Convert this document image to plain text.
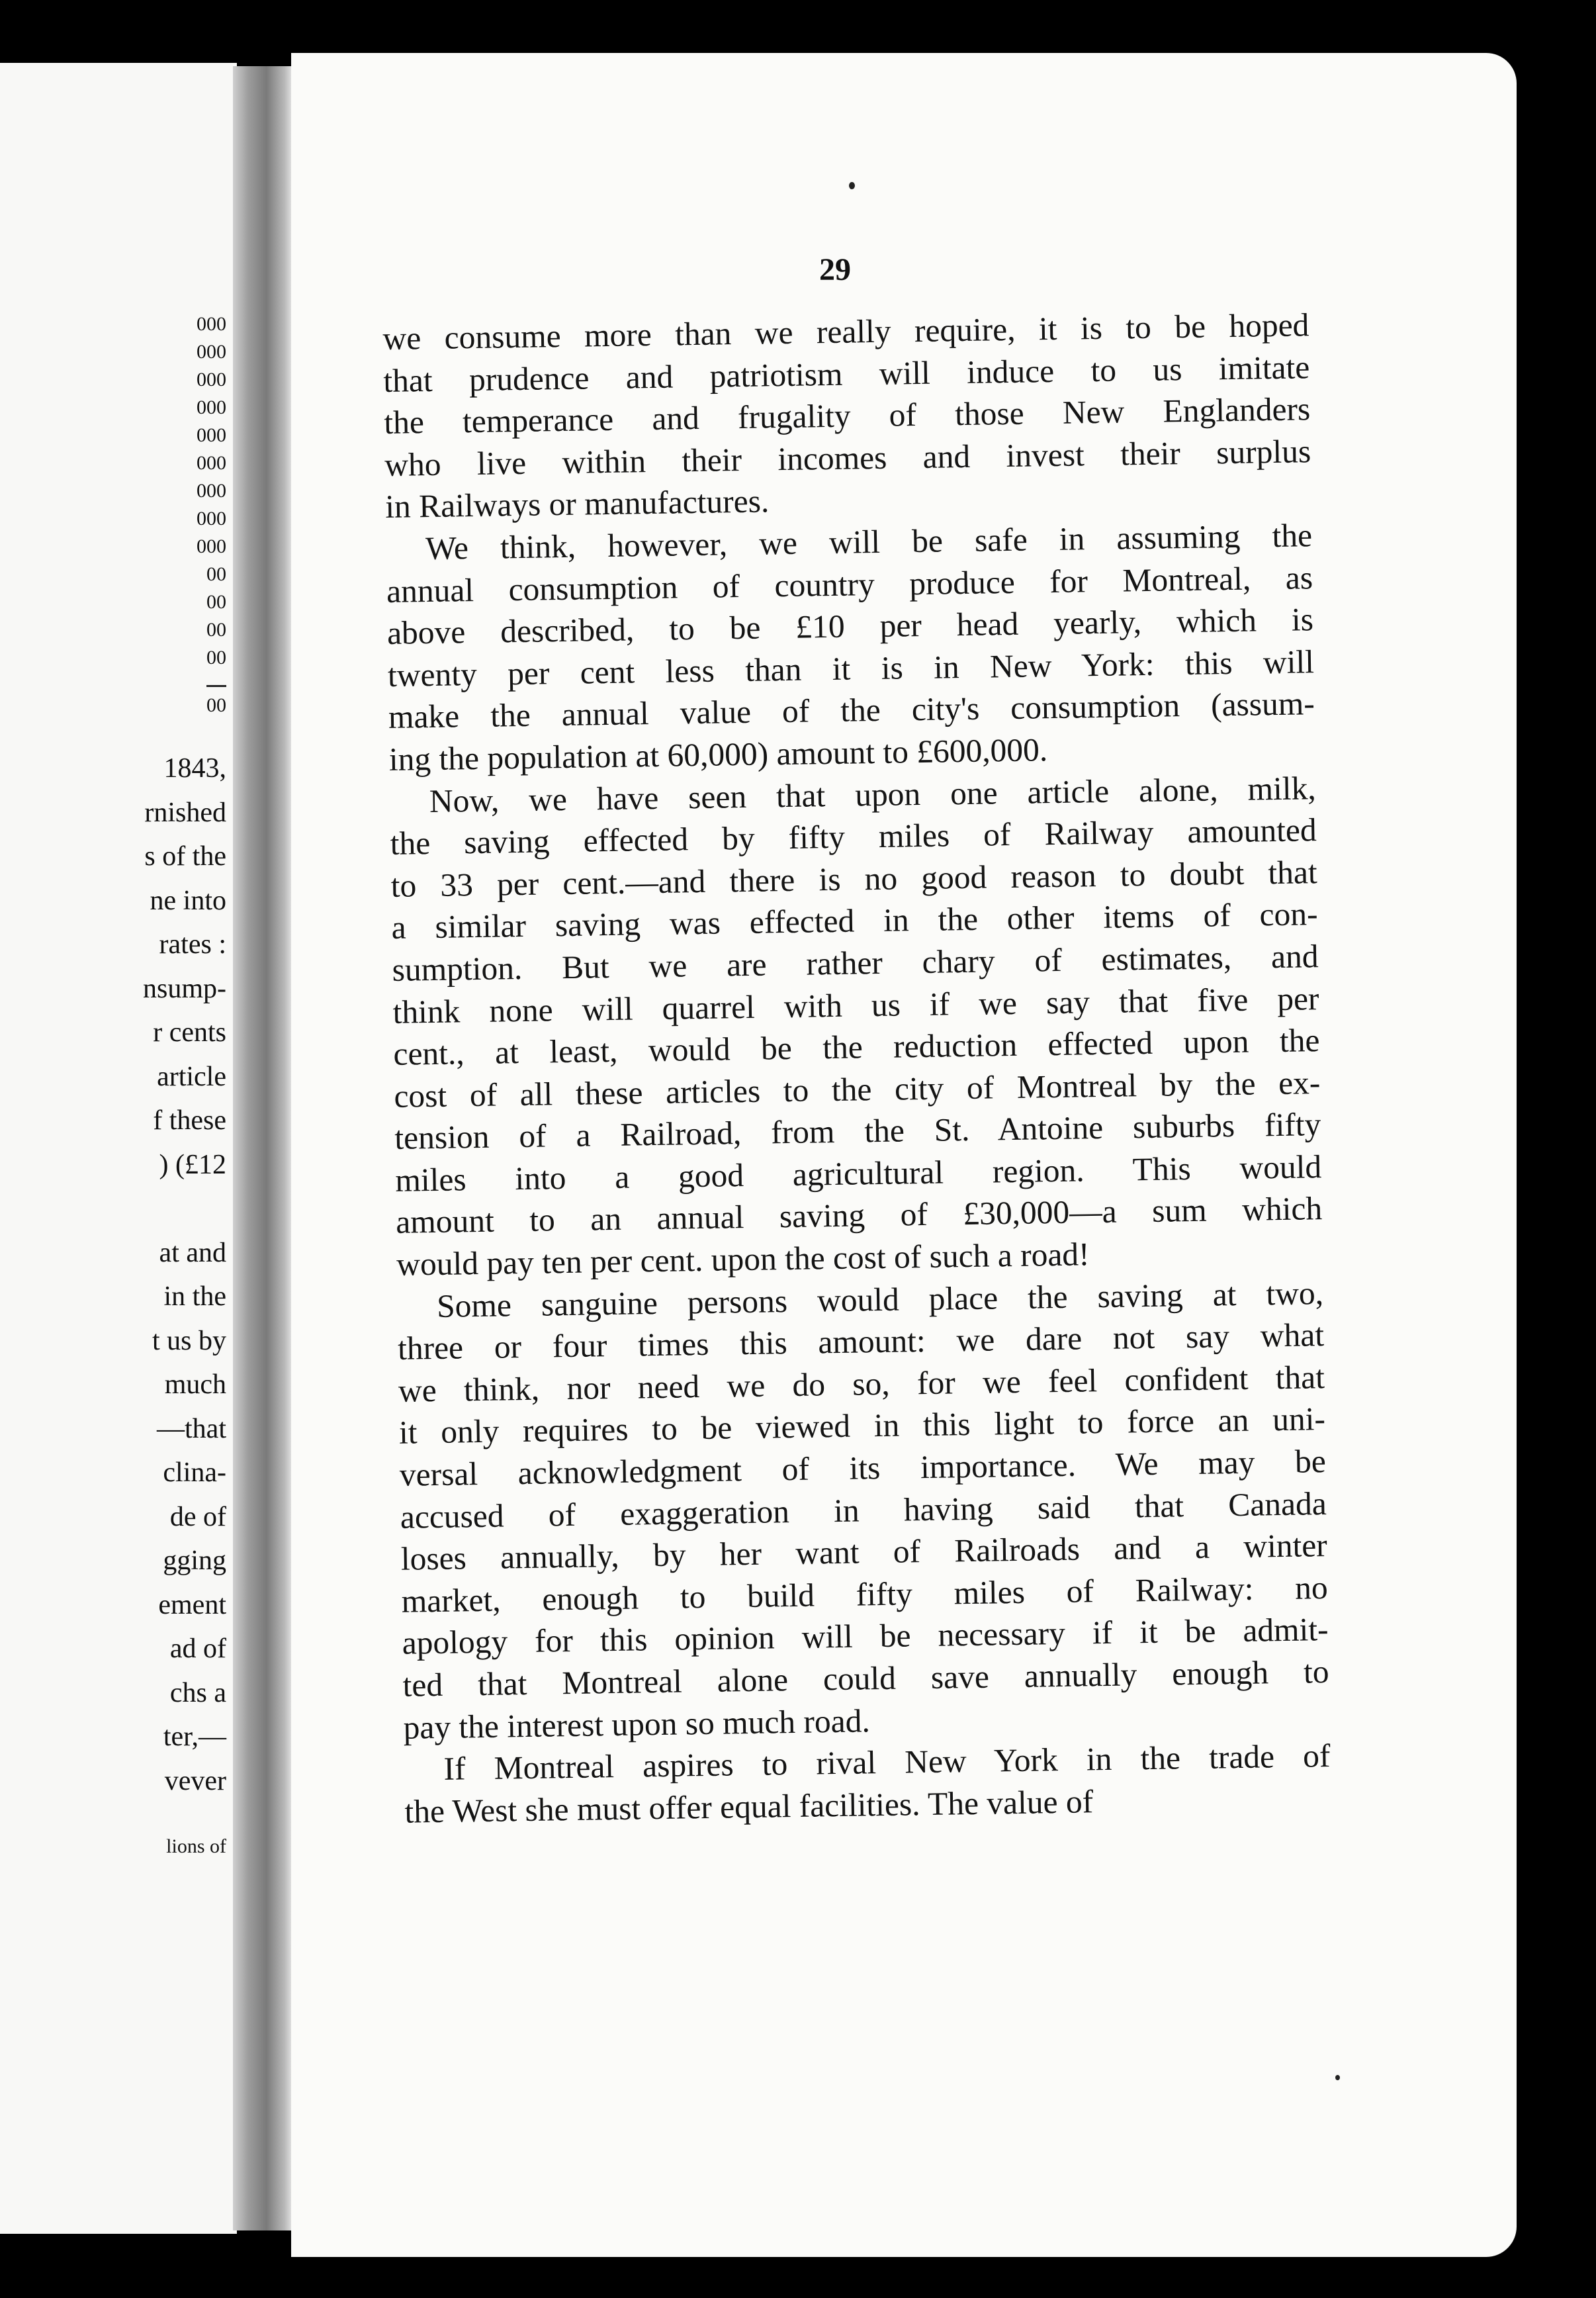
000
000
000
000
000
000
000
000
000
00
00
00
00
00
1843,
rnished
s of the
ne into
rates :
nsump-
r cents
article
f these
) (£12
at and
in the
t us by
much
—that
clina-
de of
gging
ement
ad of
chs a
ter,—
vever
lions of
29
we consume more than we really require, it is to be hoped
that prudence and patriotism will induce to us imitate
the temperance and frugality of those New Englanders
who live within their incomes and invest their surplus
in Railways or manufactures.
We think, however, we will be safe in assuming the
annual consumption of country produce for Montreal, as
above described, to be £10 per head yearly, which is
twenty per cent less than it is in New York: this will
make the annual value of the city's consumption (assum-
ing the population at 60,000) amount to £600,000.
Now, we have seen that upon one article alone, milk,
the saving effected by fifty miles of Railway amounted
to 33 per cent.—and there is no good reason to doubt that
a similar saving was effected in the other items of con-
sumption. But we are rather chary of estimates, and
think none will quarrel with us if we say that five per
cent., at least, would be the reduction effected upon the
cost of all these articles to the city of Montreal by the ex-
tension of a Railroad, from the St. Antoine suburbs fifty
miles into a good agricultural region. This would
amount to an annual saving of £30,000—a sum which
would pay ten per cent. upon the cost of such a road!
Some sanguine persons would place the saving at two,
three or four times this amount: we dare not say what
we think, nor need we do so, for we feel confident that
it only requires to be viewed in this light to force an uni-
versal acknowledgment of its importance. We may be
accused of exaggeration in having said that Canada
loses annually, by her want of Railroads and a winter
market, enough to build fifty miles of Railway: no
apology for this opinion will be necessary if it be admit-
ted that Montreal alone could save annually enough to
pay the interest upon so much road.
If Montreal aspires to rival New York in the trade of
the West she must offer equal facilities. The value of
